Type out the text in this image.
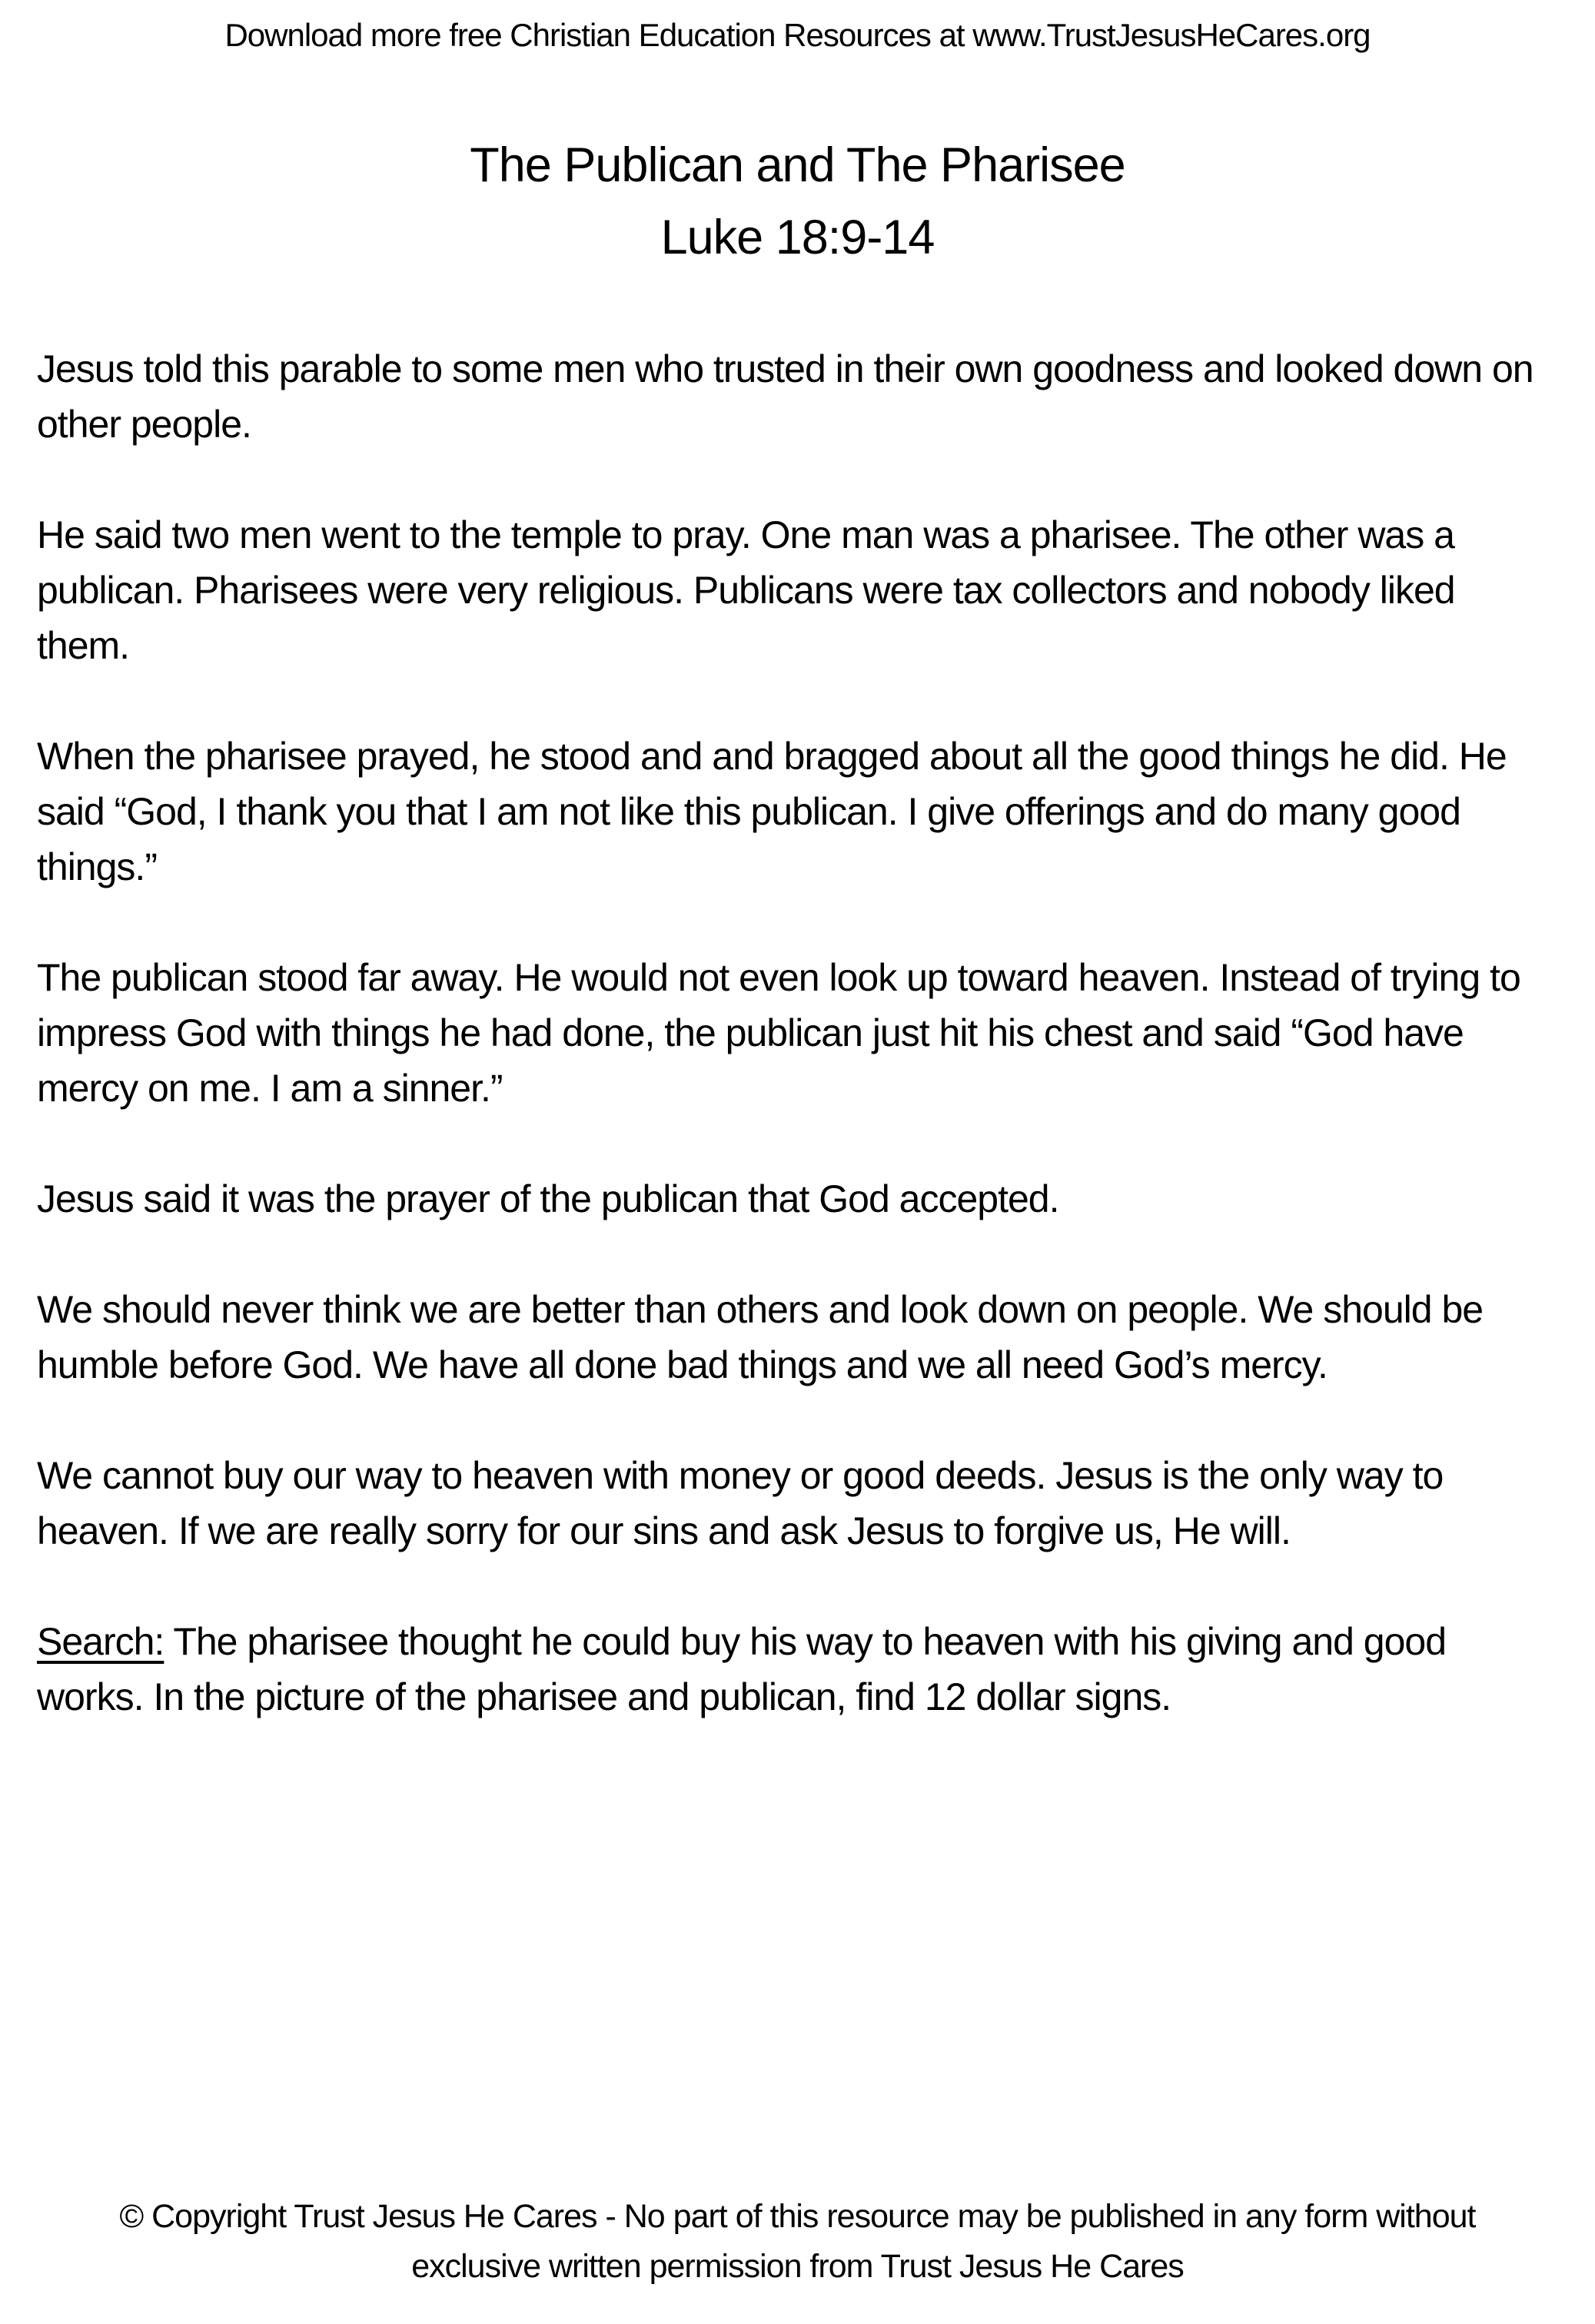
Download more free Christian Education Resources at www.TrustJesusHeCares.org
The Publican and The Pharisee
Luke 18:9-14

Jesus told this parable to some men who trusted in their own goodness and looked down on other people.

He said two men went to the temple to pray. One man was a pharisee. The other was a publican. Pharisees were very religious. Publicans were tax collectors and nobody liked them.

When the pharisee prayed, he stood and and bragged about all the good things he did. He said “God, I thank you that I am not like this publican. I give offerings and do many good things.”

The publican stood far away. He would not even look up toward heaven. Instead of trying to impress God with things he had done, the publican just hit his chest and said “God have mercy on me. I am a sinner.”

Jesus said it was the prayer of the publican that God accepted.

We should never think we are better than others and look down on people. We should be humble before God. We have all done bad things and we all need God’s mercy.

We cannot buy our way to heaven with money or good deeds. Jesus is the only way to heaven. If we are really sorry for our sins and ask Jesus to forgive us, He will.

Search: The pharisee thought he could buy his way to heaven with his giving and good works. In the picture of the pharisee and publican, find 12 dollar signs.

© Copyright Trust Jesus He Cares - No part of this resource may be published in any form without
exclusive written permission from Trust Jesus He Cares
